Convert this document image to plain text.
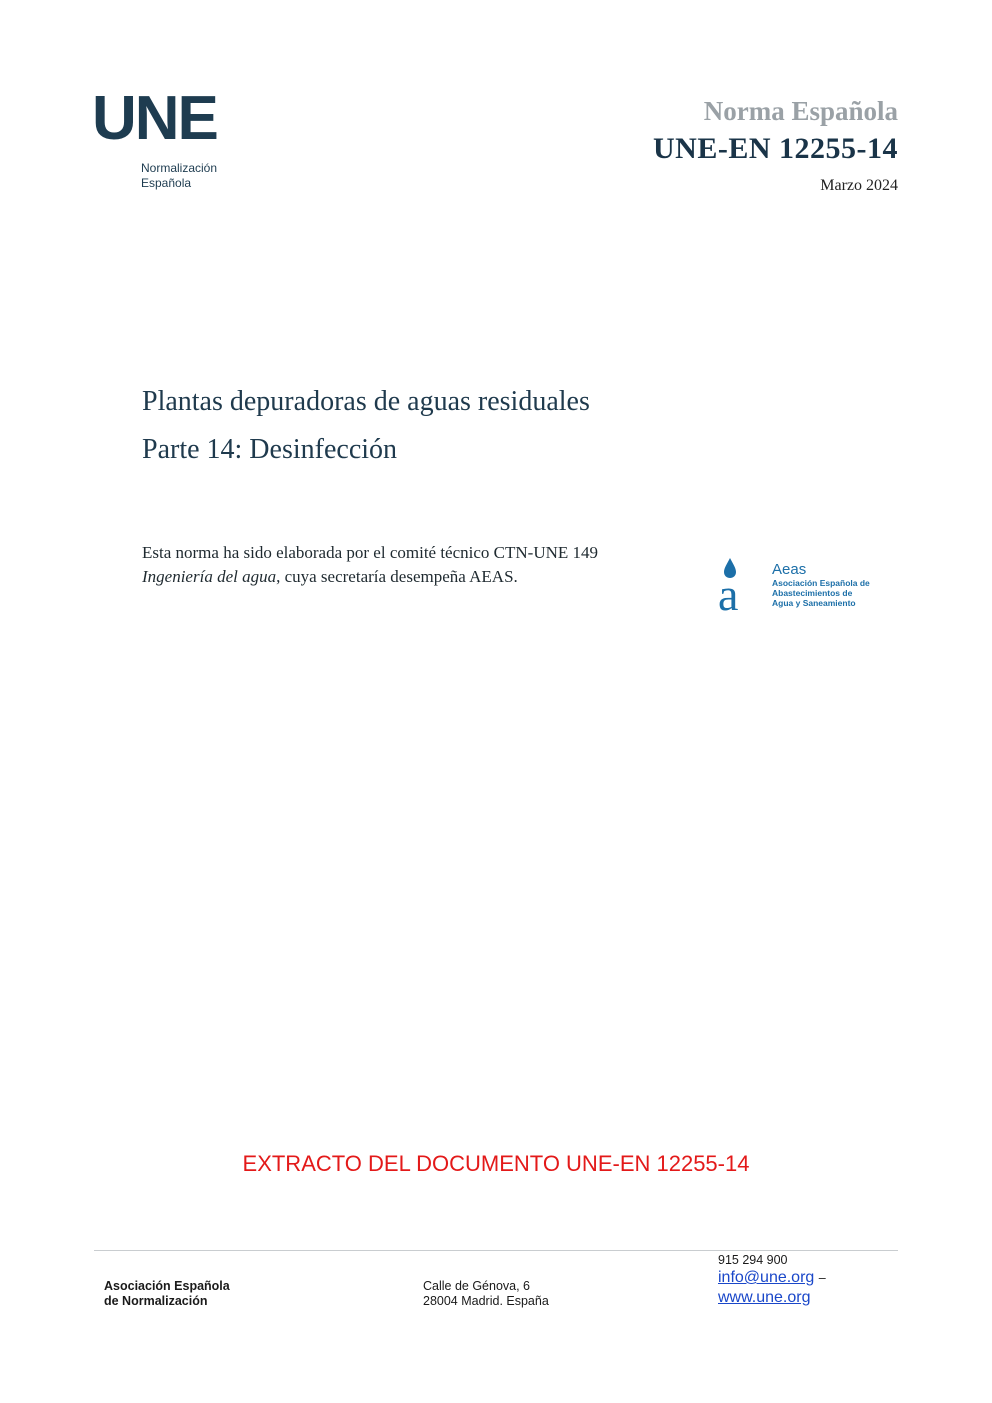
UNE
Normalización
Española
Norma Española
UNE-EN 12255-14
Marzo 2024
Plantas depuradoras de aguas residuales
Parte 14: Desinfección
Esta norma ha sido elaborada por el comité técnico CTN-UNE 149 Ingeniería del agua, cuya secretaría desempeña AEAS.	a Aeas
Asociación Española de
Abastecimientos de
Agua y Saneamiento
EXTRACTO DEL DOCUMENTO UNE-EN 12255-14
Asociación Española
de Normalización
Calle de Génova, 6
28004 Madrid. España
915 294 900
info@une.org –
www.une.org
